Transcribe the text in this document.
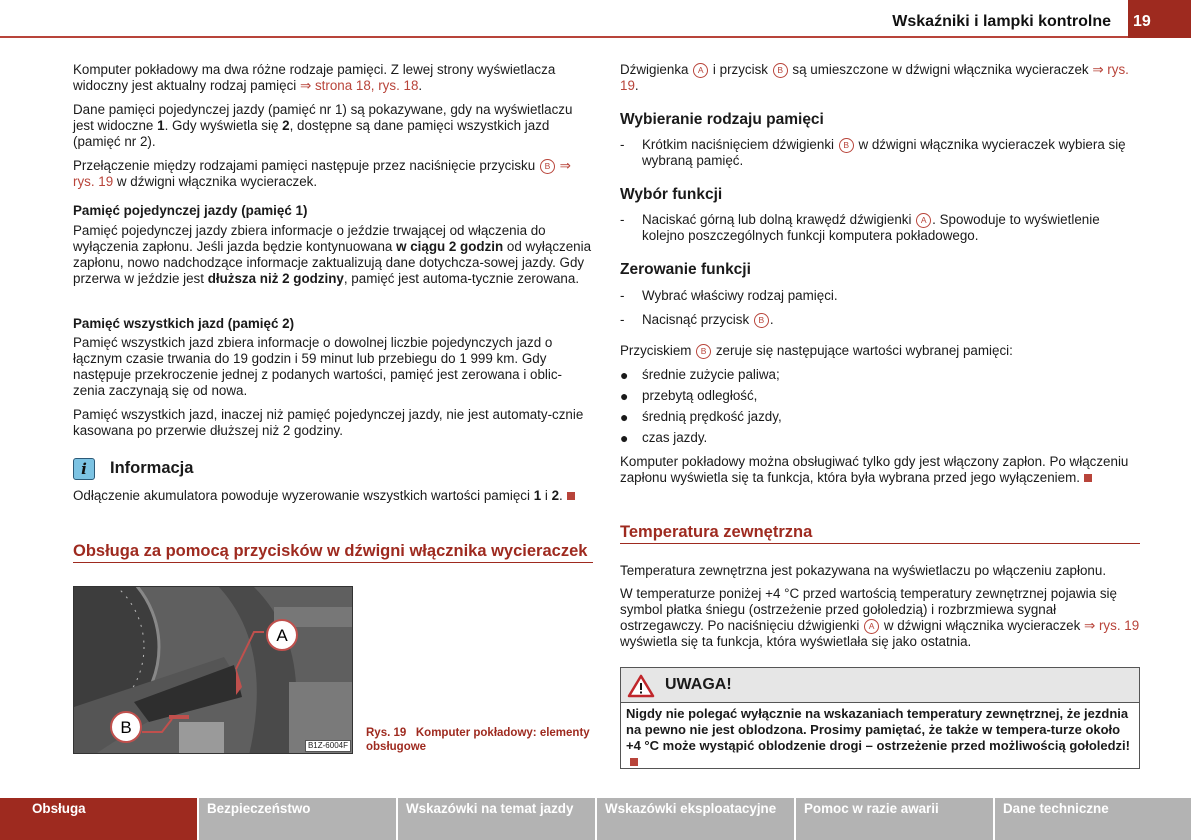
Wskaźniki i lampki kontrolne	19

Komputer pokładowy ma dwa różne rodzaje pamięci. Z lewej strony wyświetlacza widoczny jest aktualny rodzaj pamięci ⇒ strona 18, rys. 18.

Dane pamięci pojedynczej jazdy (pamięć nr 1) są pokazywane, gdy na wyświetlaczu jest widoczne 1. Gdy wyświetla się 2, dostępne są dane pamięci wszystkich jazd (pamięć nr 2).

Przełączenie między rodzajami pamięci następuje przez naciśnięcie przycisku B ⇒ rys. 19 w dźwigni włącznika wycieraczek.

Pamięć pojedynczej jazdy (pamięć 1)

Pamięć pojedynczej jazdy zbiera informacje o jeździe trwającej od włączenia do wyłączenia zapłonu. Jeśli jazda będzie kontynuowana w ciągu 2 godzin od wyłączenia zapłonu, nowo nadchodzące informacje zaktualizują dane dotychcza-sowej jazdy. Gdy przerwa w jeździe jest dłuższa niż 2 godziny, pamięć jest automa-tycznie zerowana.

Pamięć wszystkich jazd (pamięć 2)

Pamięć wszystkich jazd zbiera informacje o dowolnej liczbie pojedynczych jazd o łącznym czasie trwania do 19 godzin i 59 minut lub przebiegu do 1 999 km. Gdy następuje przekroczenie jednej z podanych wartości, pamięć jest zerowana i oblic-zenia zaczynają się od nowa.

Pamięć wszystkich jazd, inaczej niż pamięć pojedynczej jazdy, nie jest automaty-cznie kasowana po przerwie dłuższej niż 2 godziny.

i	Informacja

Odłączenie akumulatora powoduje wyzerowanie wszystkich wartości pamięci 1 i 2.

Obsługa za pomocą przycisków w dźwigni włącznika wycieraczek
A
B
B1Z-6004F
Rys. 19 Komputer pokładowy: elementy obsługowe

Dźwigienka A i przycisk B są umieszczone w dźwigni włącznika wycieraczek ⇒ rys. 19.

Wybieranie rodzaju pamięci
-	Krótkim naciśnięciem dźwigienki B w dźwigni włącznika wycieraczek wybiera się wybraną pamięć.
Wybór funkcji
-	Naciskać górną lub dolną krawędź dźwigienki A . Spowoduje to wyświetlenie kolejno poszczególnych funkcji komputera pokładowego.
Zerowanie funkcji
-	Wybrać właściwy rodzaj pamięci.
-	Nacisnąć przycisk B .

Przyciskiem B zeruje się następujące wartości wybranej pamięci:

●	średnie zużycie paliwa;
●	przebytą odległość,
●	średnią prędkość jazdy,
●	czas jazdy.

Komputer pokładowy można obsługiwać tylko gdy jest włączony zapłon. Po włączeniu zapłonu wyświetla się ta funkcja, która była wybrana przed jego wyłączeniem.

Temperatura zewnętrzna

Temperatura zewnętrzna jest pokazywana na wyświetlaczu po włączeniu zapłonu.

W temperaturze poniżej +4 °C przed wartością temperatury zewnętrznej pojawia się symbol płatka śniegu (ostrzeżenie przed gołoledzią) i rozbrzmiewa sygnał ostrzegawczy. Po naciśnięciu dźwigienki A w dźwigni włącznika wycieraczek ⇒ rys. 19 wyświetla się ta funkcja, która wyświetlała się jako ostatnia.

UWAGA!
Nigdy nie polegać wyłącznie na wskazaniach temperatury zewnętrznej, że jezdnia na pewno nie jest oblodzona. Prosimy pamiętać, że także w tempera-turze około +4 °C może wystąpić oblodzenie drogi – ostrzeżenie przed możliwością gołoledzi!
Obsługa	Bezpieczeństwo	Wskazówki na temat jazdy	Wskazówki eksploatacyjne	Pomoc w razie awarii	Dane techniczne
